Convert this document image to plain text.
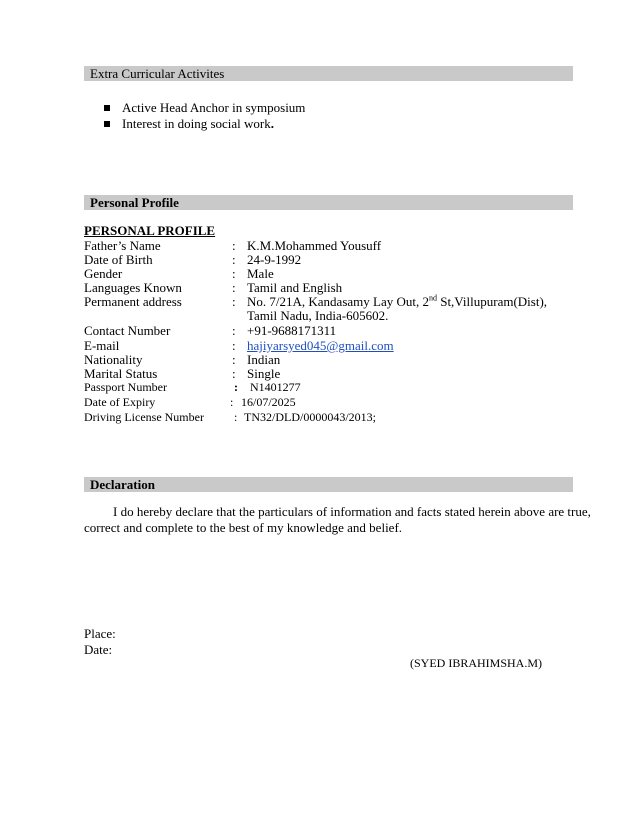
Extra Curricular Activites
Active Head Anchor in symposium
Interest in doing social work.
Personal Profile
PERSONAL PROFILE
Father’s Name	: K.M.Mohammed Yousuff
Date of Birth	: 24-9-1992
Gender	: Male
Languages Known	: Tamil and English
Permanent address	: No. 7/21A, Kandasamy Lay Out, 2nd St,Villupuram(Dist),
Tamil Nadu, India-605602.
Contact Number	: +91-9688171311
E-mail	: hajiyarsyed045@gmail.com
Nationality	: Indian
Marital Status	: Single
Passport Number	: N1401277
Date of Expiry	: 16/07/2025
Driving License Number	: TN32/DLD/0000043/2013;
Declaration
I do hereby declare that the particulars of information and facts stated herein above are true,
correct and complete to the best of my knowledge and belief.
Place:
Date:
(SYED IBRAHIMSHA.M)
